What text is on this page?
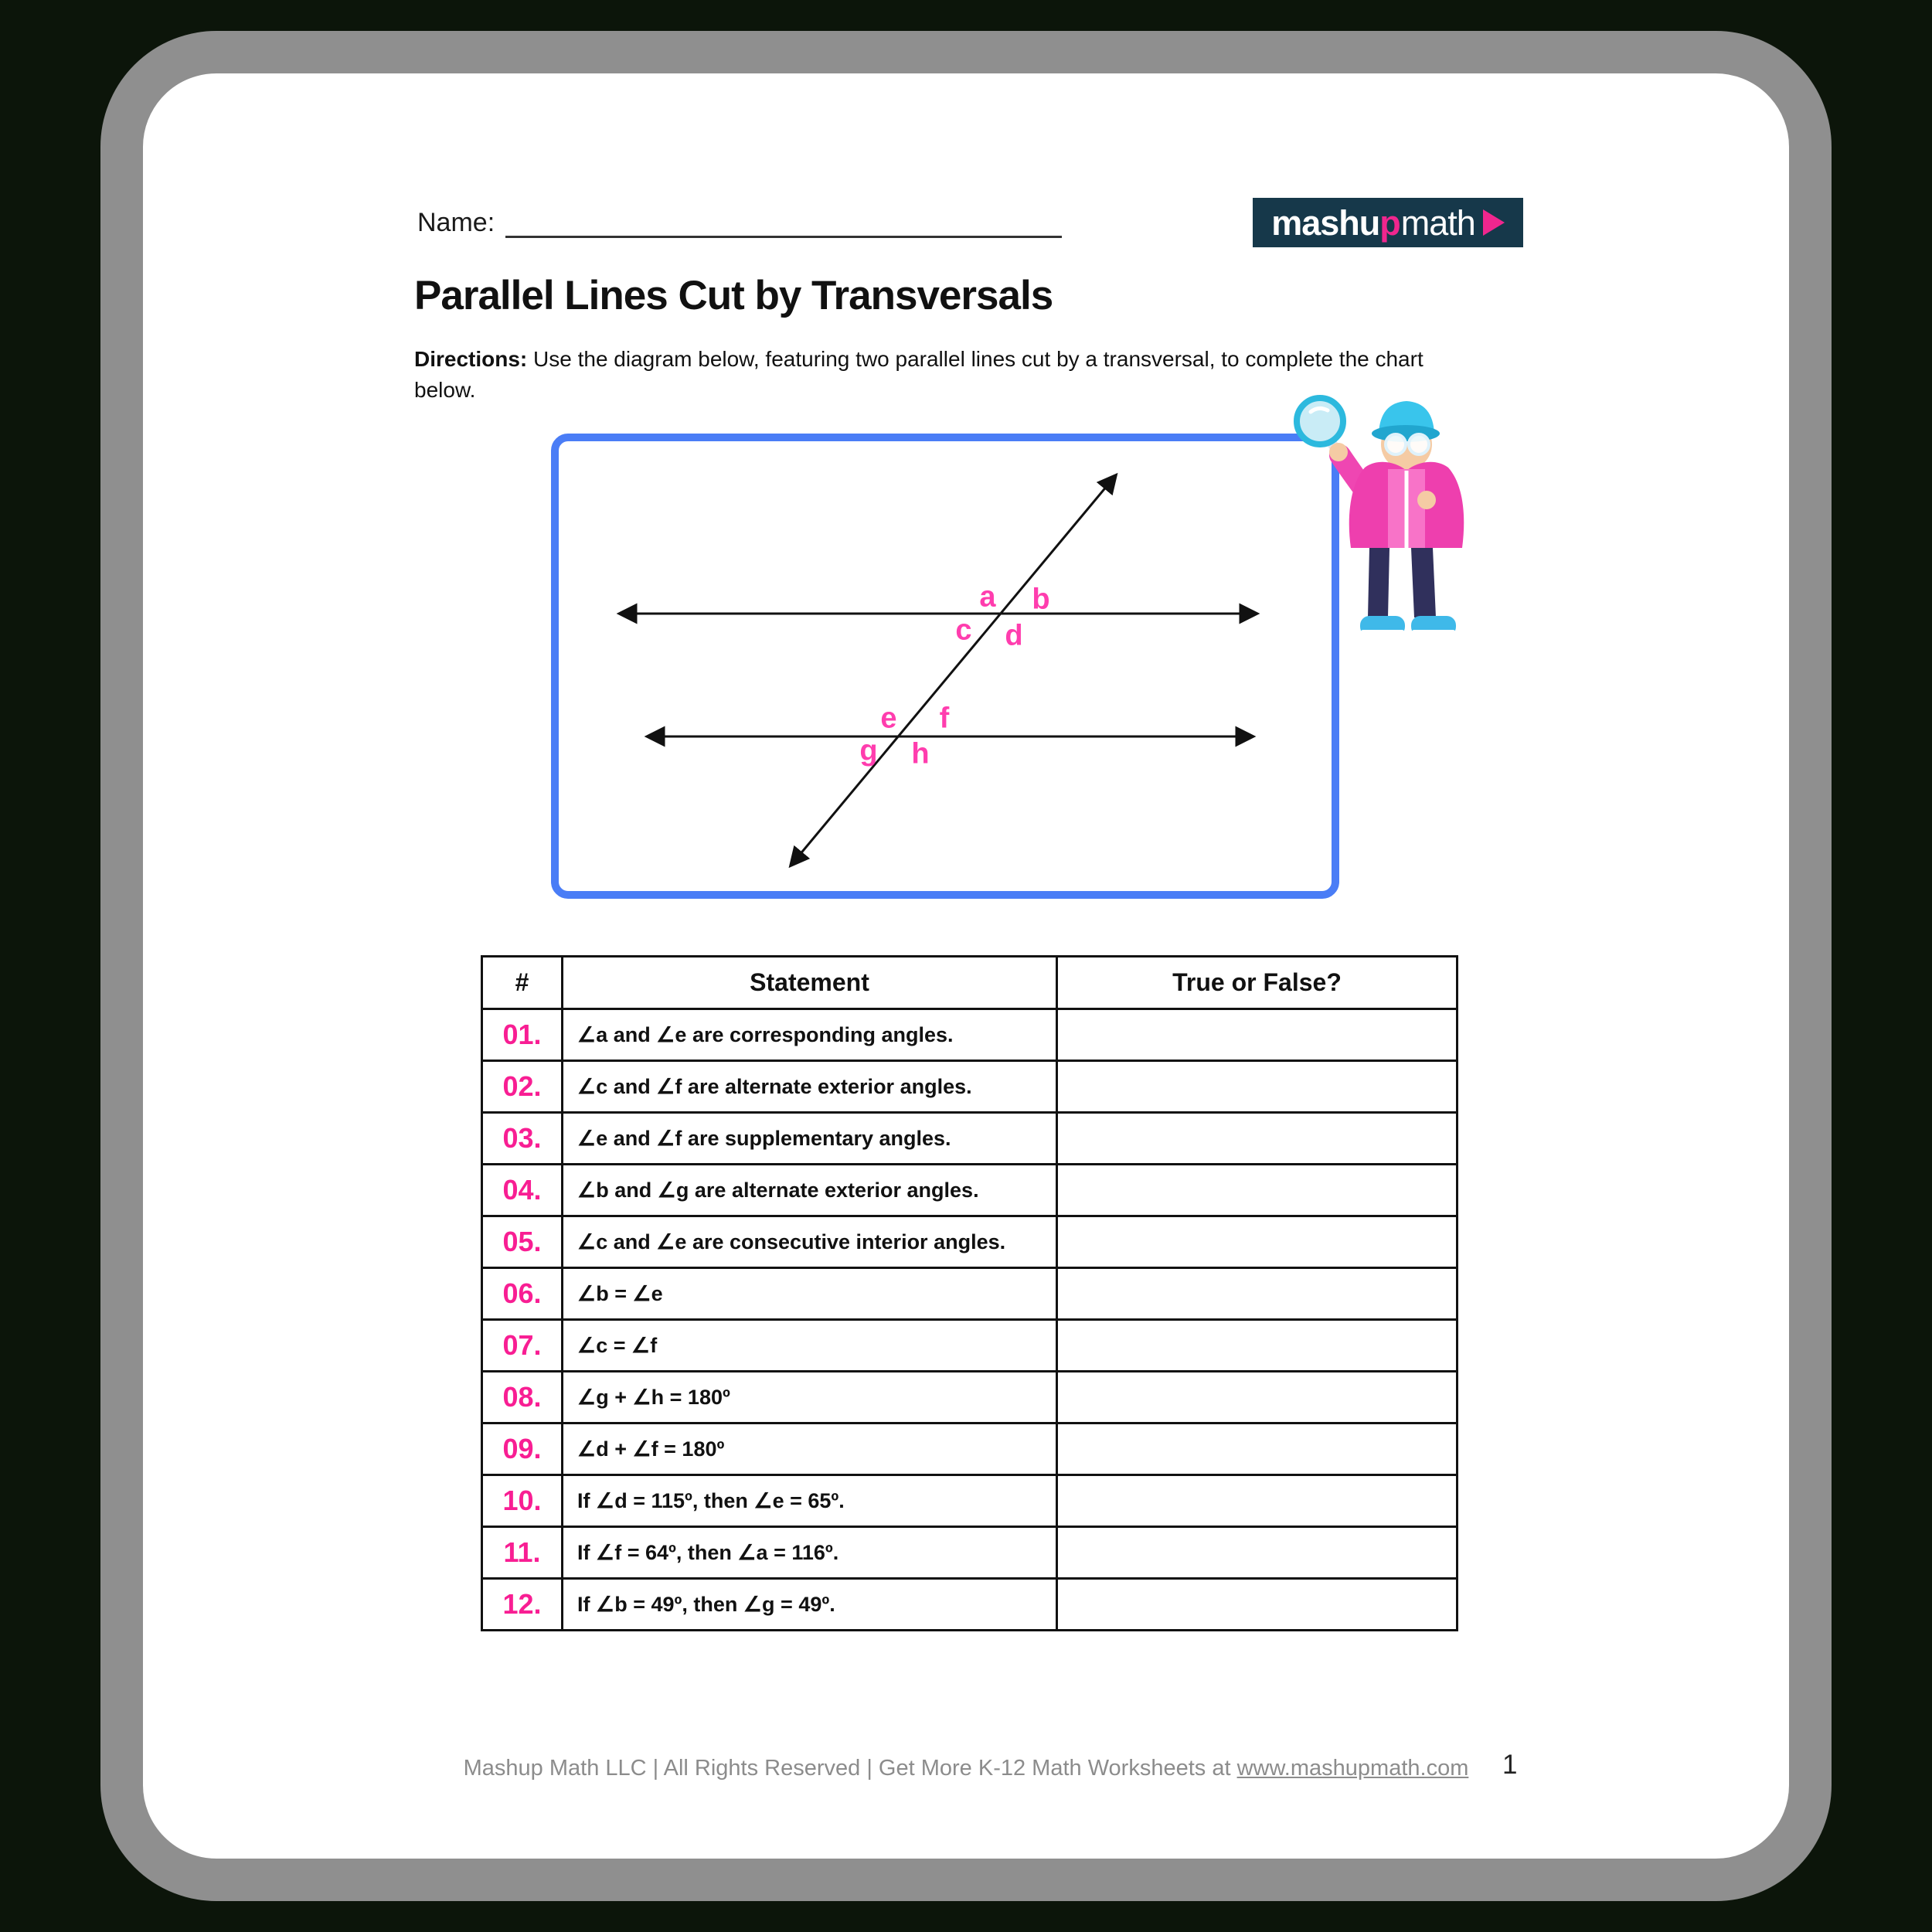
Name:	mashu p math
Parallel Lines Cut by Transversals

Directions: Use the diagram below, featuring two parallel lines cut by a transversal, to complete the chart below.

a b
c d
e f
g h
#	Statement	True or False?
01.	∠a and ∠e are corresponding angles.	
02.	∠c and ∠f are alternate exterior angles.	
03.	∠e and ∠f are supplementary angles.	
04.	∠b and ∠g are alternate exterior angles.	
05.	∠c and ∠e are consecutive interior angles.	
06.	∠b = ∠e	
07.	∠c = ∠f	
08.	∠g + ∠h = 180º	
09.	∠d + ∠f = 180º	
10.	If ∠d = 115º, then ∠e = 65º.	
11.	If ∠f = 64º, then ∠a = 116º.	
12.	If ∠b = 49º, then ∠g = 49º.	
Mashup Math LLC | All Rights Reserved | Get More K-12 Math Worksheets at www.mashupmath.com	1
